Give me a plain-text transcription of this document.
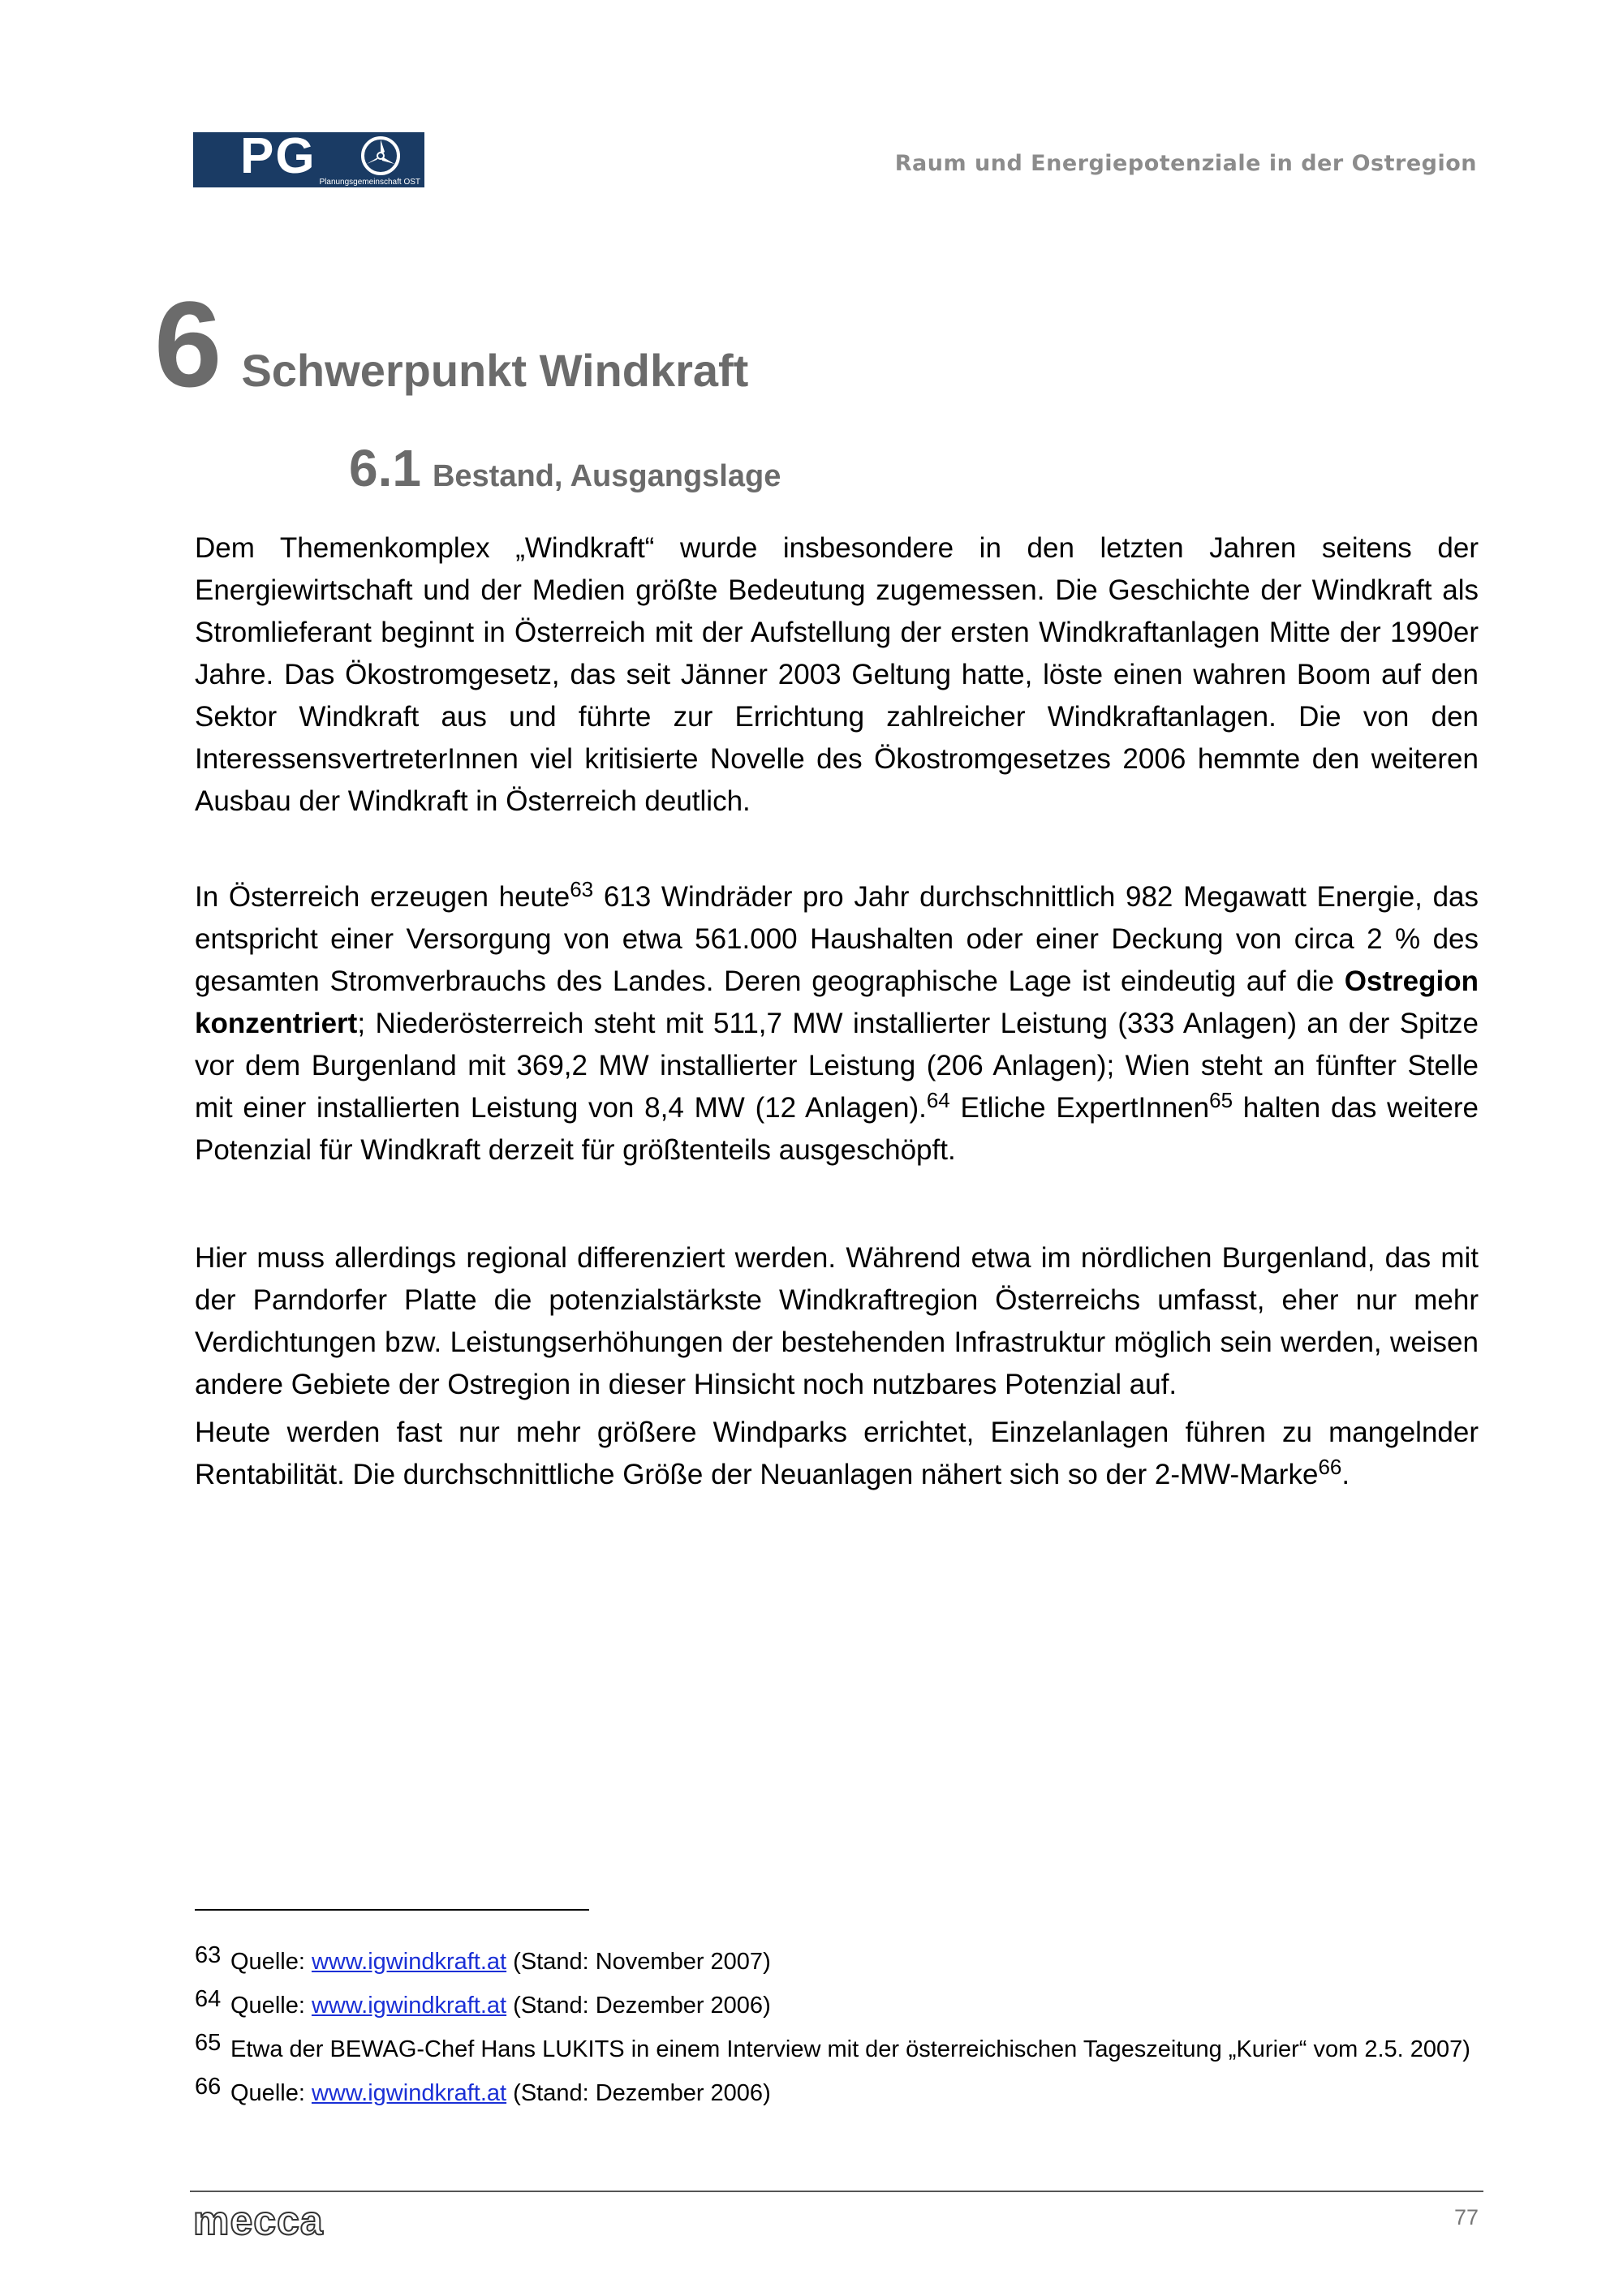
PG Planungsgemeinschaft OST
Raum und Energiepotenziale in der Ostregion
6 Schwerpunkt Windkraft
6.1 Bestand, Ausgangslage

Dem Themenkomplex „Windkraft“ wurde insbesondere in den letzten Jahren seitens der Energiewirtschaft und der Medien größte Bedeutung zugemessen. Die Geschichte der Windkraft als Stromlieferant beginnt in Österreich mit der Aufstellung der ersten Windkraftanlagen Mitte der 1990er Jahre. Das Ökostromgesetz, das seit Jänner 2003 Geltung hatte, löste einen wahren Boom auf den Sektor Windkraft aus und führte zur Errichtung zahlreicher Windkraftanlagen. Die von den InteressensvertreterInnen viel kritisierte Novelle des Ökostromgesetzes 2006 hemmte den weiteren Ausbau der Windkraft in Österreich deutlich.

In Österreich erzeugen heute$^{63}$ 613 Windräder pro Jahr durchschnittlich 982 Megawatt Energie, das entspricht einer Versorgung von etwa 561.000 Haushalten oder einer Deckung von circa 2 % des gesamten Stromverbrauchs des Landes. Deren geographische Lage ist eindeutig auf die Ostregion konzentriert; Niederösterreich steht mit 511,7 MW installierter Leistung (333 Anlagen) an der Spitze vor dem Burgenland mit 369,2 MW installierter Leistung (206 Anlagen); Wien steht an fünfter Stelle mit einer installierten Leistung von 8,4 MW (12 Anlagen).$^{64}$ Etliche ExpertInnen$^{65}$ halten das weitere Potenzial für Windkraft derzeit für größtenteils ausgeschöpft.

Hier muss allerdings regional differenziert werden. Während etwa im nördlichen Burgenland, das mit der Parndorfer Platte die potenzialstärkste Windkraftregion Österreichs umfasst, eher nur mehr Verdichtungen bzw. Leistungserhöhungen der bestehenden Infrastruktur möglich sein werden, weisen andere Gebiete der Ostregion in dieser Hinsicht noch nutzbares Potenzial auf.

Heute werden fast nur mehr größere Windparks errichtet, Einzelanlagen führen zu mangelnder Rentabilität. Die durchschnittliche Größe der Neuanlagen nähert sich so der 2-MW-Marke$^{66}$.

63 Quelle: www.igwindkraft.at (Stand: November 2007)
64 Quelle: www.igwindkraft.at (Stand: Dezember 2006)
65 Etwa der BEWAG-Chef Hans LUKITS in einem Interview mit der österreichischen Tageszeitung „Kurier“ vom 2.5. 2007)
66 Quelle: www.igwindkraft.at (Stand: Dezember 2006)
mecca	77
